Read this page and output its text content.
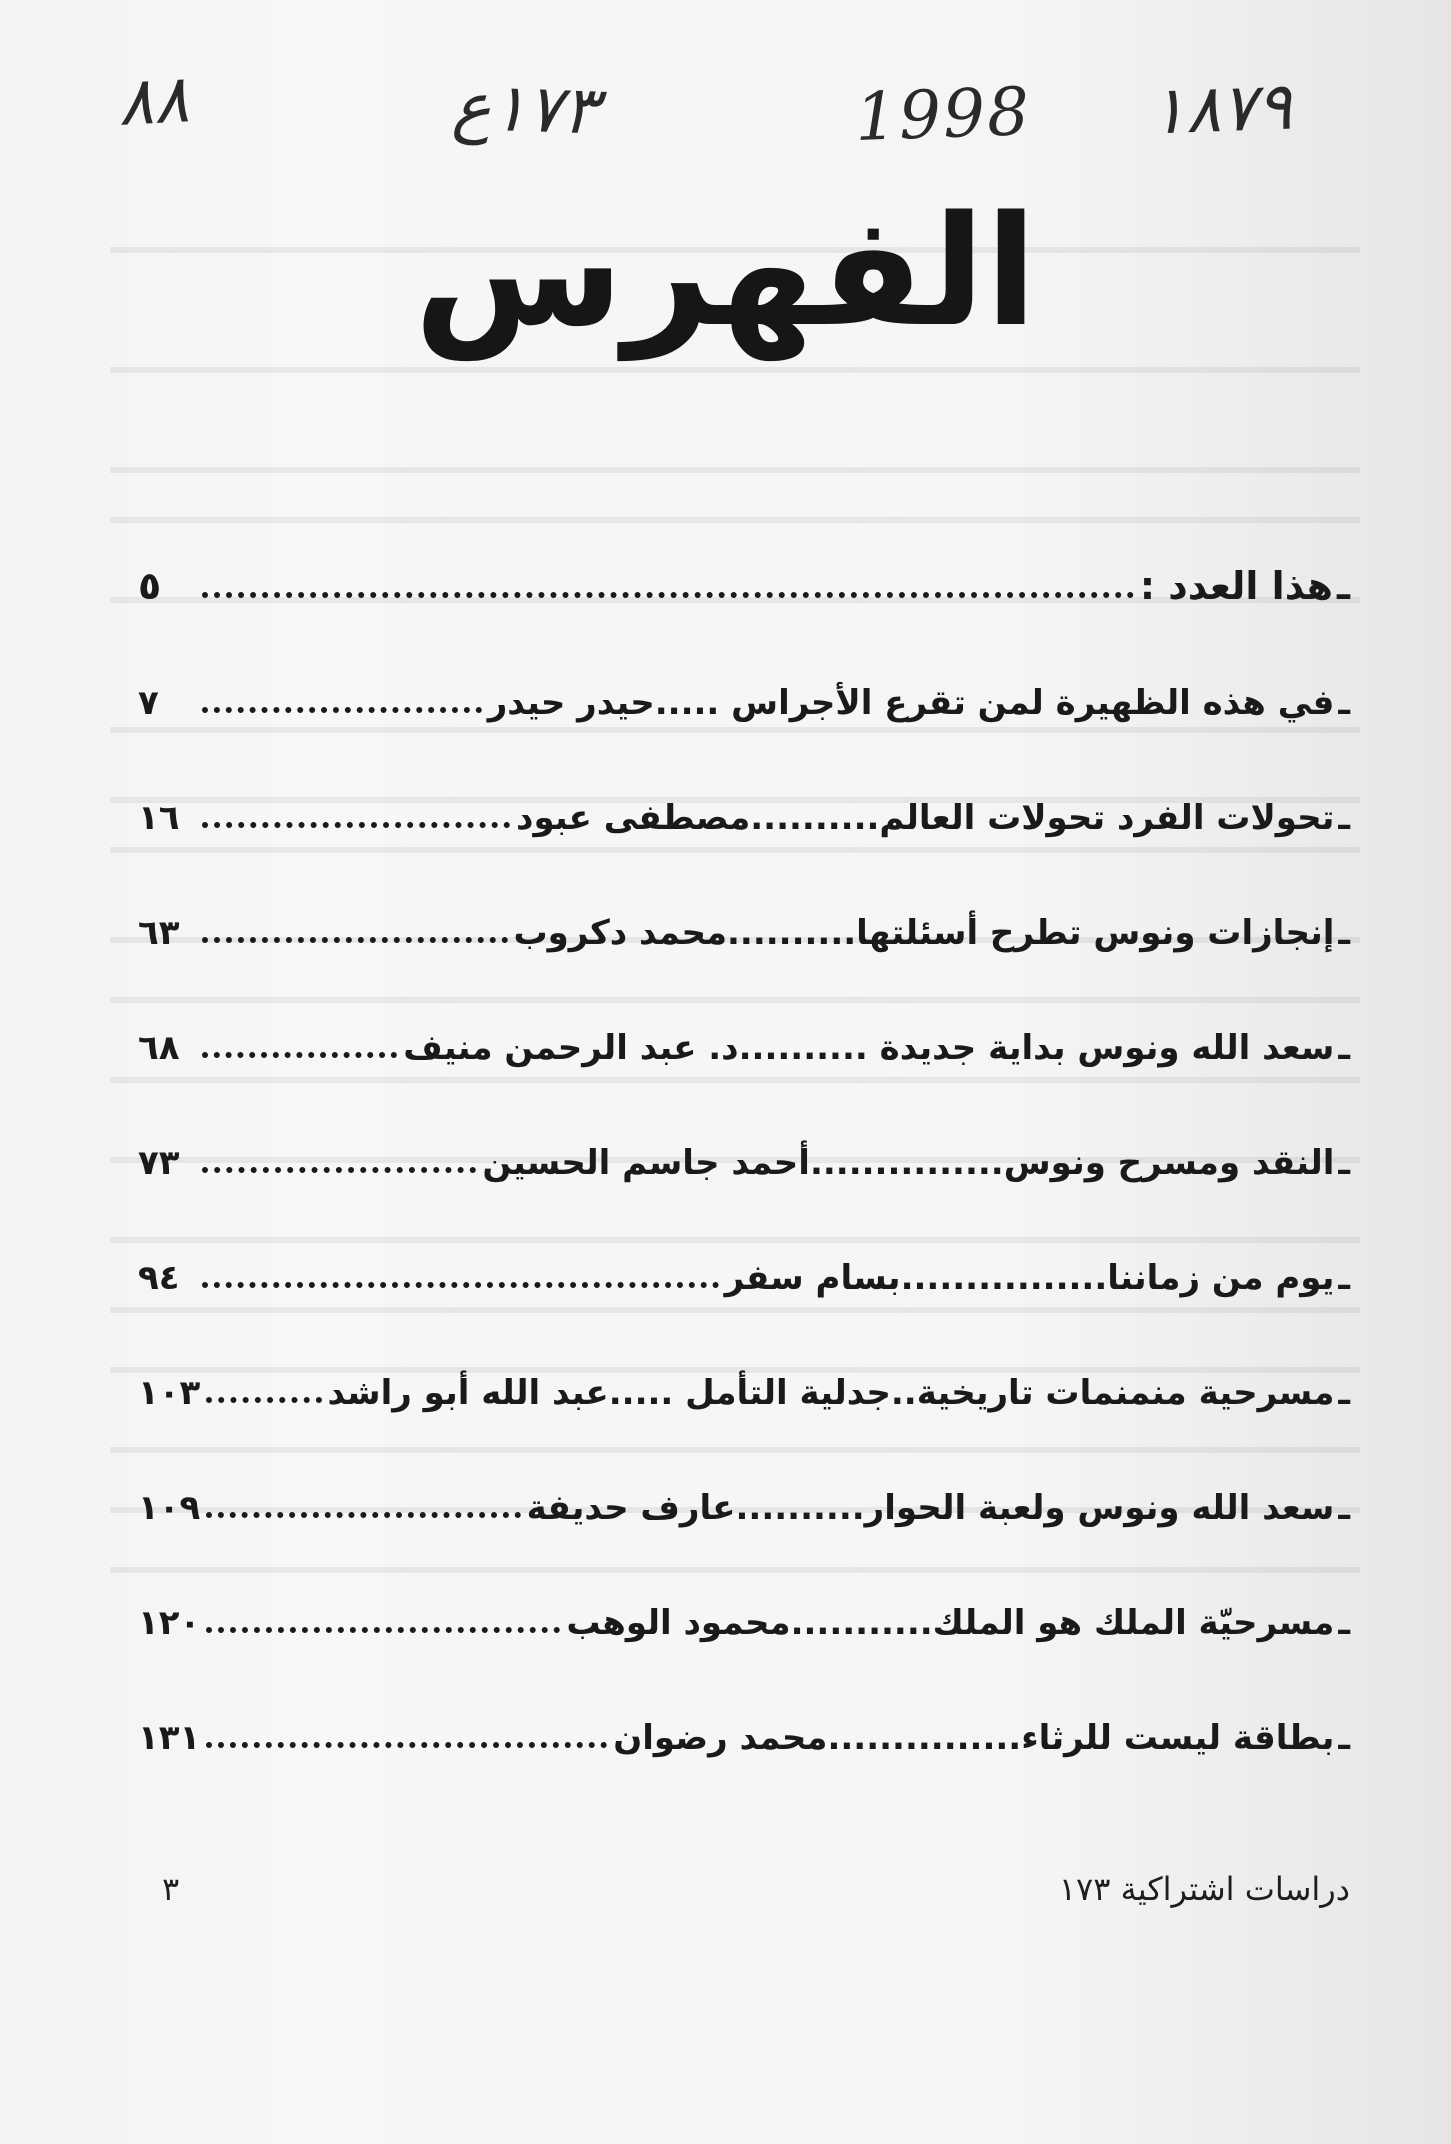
٨٨	١٧٣ع	1998 ١٨٧٩
الفهرس
ـ
هذا العدد :
٥
ـ
في هذه الظهيرة لمن تقرع الأجراس .....
حيدر حيدر
٧
ـ
تحولات الفرد تحولات العالم..........
مصطفى عبود
١٦
ـ
إنجازات ونوس تطرح أسئلتها..........
محمد دكروب
٦٣
ـ
سعد الله ونوس بداية جديدة ..........
د. عبد الرحمن منيف
٦٨
ـ
النقد ومسرح ونوس...............
أحمد جاسم الحسين
٧٣
ـ
يوم من زماننا................
بسام سفر
٩٤
ـ
مسرحية منمنمات تاريخية..جدلية التأمل .....
عبد الله أبو راشد
١٠٣
ـ
سعد الله ونوس ولعبة الحوار..........
عارف حديفة
١٠٩
ـ
مسرحيّة الملك هو الملك...........
محمود الوهب
١٢٠
ـ
بطاقة ليست للرثاء...............
محمد رضوان
١٣١
دراسات اشتراكية ١٧٣
٣
